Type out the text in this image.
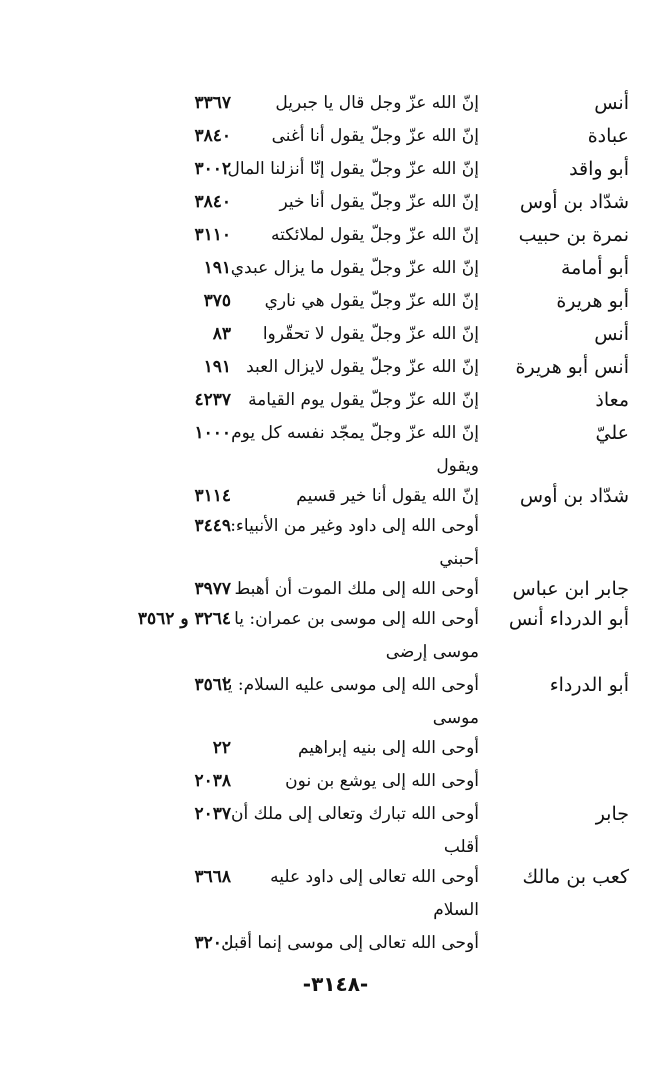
أنس
إنّ الله عزّ وجل قال يا جبريل
٣٣٦٧
عبادة
إنّ الله عزّ وجلّ يقول أنا أغنى
٣٨٤٠
أبو واقد
إنّ الله عزّ وجلّ يقول إنّا أنزلنا المال
٣٠٠٢
شدّاد بن أوس
إنّ الله عزّ وجلّ يقول أنا خير
٣٨٤٠
نمرة بن حبيب
إنّ الله عزّ وجلّ يقول لملائكته
٣١١٠
أبو أمامة
إنّ الله عزّ وجلّ يقول ما يزال عبدي
١٩١
أبو هريرة
إنّ الله عزّ وجلّ يقول هي ناري
٣٧٥
أنس
إنّ الله عزّ وجلّ يقول لا تحقّروا
٨٣
أنس أبو هريرة
إنّ الله عزّ وجلّ يقول لايزال العبد
١٩١
معاذ
إنّ الله عزّ وجلّ يقول يوم القيامة
٤٢٣٧
عليّ
إنّ الله عزّ وجلّ يمجّد نفسه كل يوم
١٠٠٠
ويقول
شدّاد بن أوس
إنّ الله يقول أنا خير قسيم
٣١١٤
أوحى الله إلى داود وغير من الأنبياء:
٣٤٤٩
أحبني
جابر ابن عباس
أوحى الله إلى ملك الموت أن أهبط
٣٩٧٧
أبو الدرداء أنس
أوحى الله إلى موسى بن عمران: يا
٣٢٦٤ و ٣٥٦٢
موسى إرضى
أبو الدرداء
أوحى الله إلى موسى عليه السلام: يا
٣٥٦٢
موسى
أوحى الله إلى بنيه إبراهيم
٢٢
أوحى الله إلى يوشع بن نون
٢٠٣٨
جابر
أوحى الله تبارك وتعالى إلى ملك أن
٢٠٣٧
أقلب
كعب بن مالك
أوحى الله تعالى إلى داود عليه
٣٦٦٨
السلام
أوحى الله تعالى إلى موسى إنما أقبل
٣٢٠٠
-٣١٤٨-
